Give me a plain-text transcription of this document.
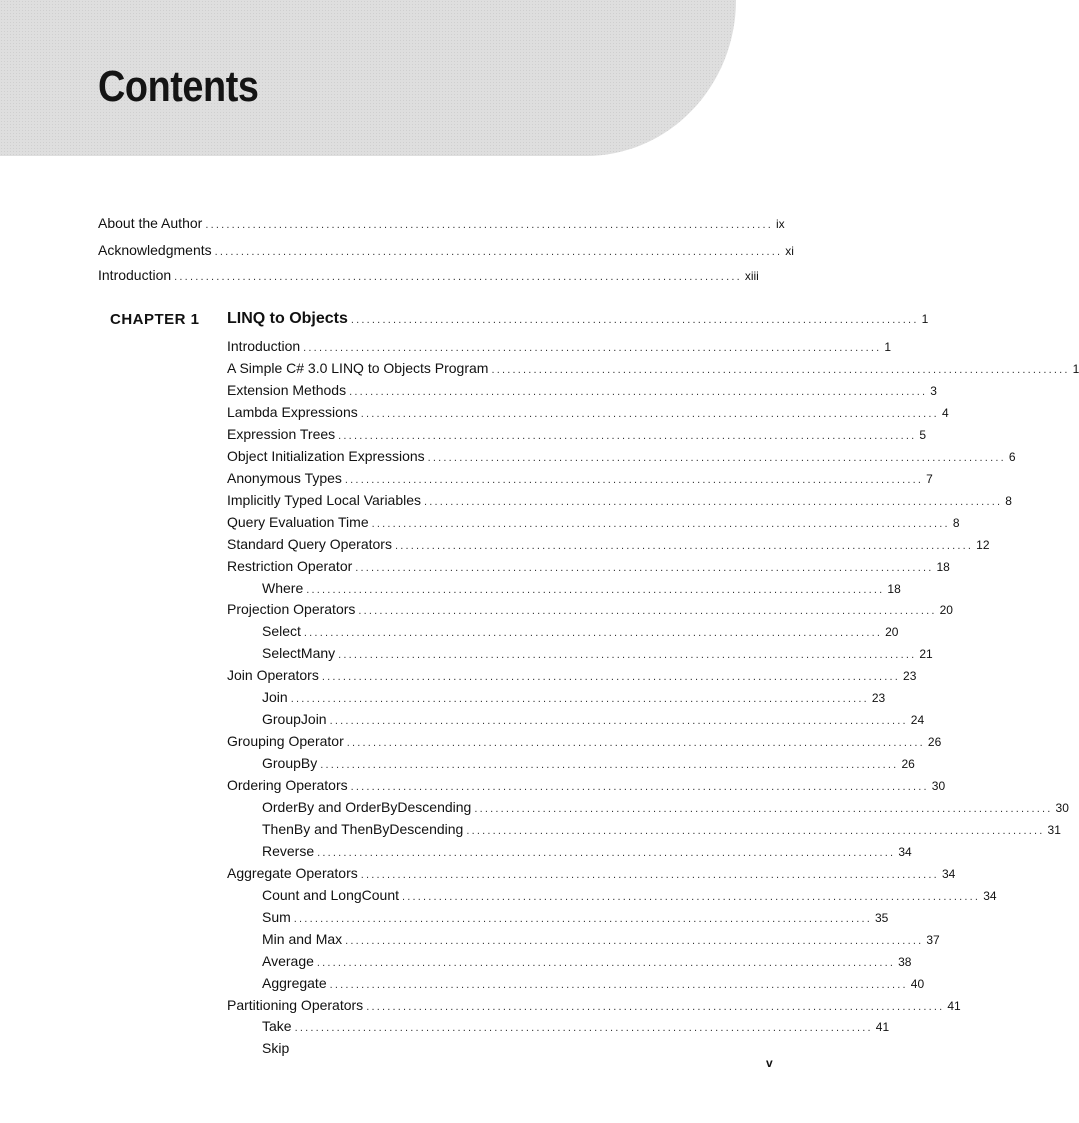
Contents
About the Author ............................................................................................................ ix
Acknowledgments ............................................................................................................ xi
Introduction ............................................................................................................ xiii
CHAPTER 1 LINQ to Objects ............................................................................................................ 1
Introduction .............................................................................................................. 1
A Simple C# 3.0 LINQ to Objects Program .............................................................................................................. 1
Extension Methods .............................................................................................................. 3
Lambda Expressions .............................................................................................................. 4
Expression Trees .............................................................................................................. 5
Object Initialization Expressions .............................................................................................................. 6
Anonymous Types .............................................................................................................. 7
Implicitly Typed Local Variables .............................................................................................................. 8
Query Evaluation Time .............................................................................................................. 8
Standard Query Operators .............................................................................................................. 12
Restriction Operator .............................................................................................................. 18
Where .............................................................................................................. 18
Projection Operators .............................................................................................................. 20
Select .............................................................................................................. 20
SelectMany .............................................................................................................. 21
Join Operators .............................................................................................................. 23
Join .............................................................................................................. 23
GroupJoin .............................................................................................................. 24
Grouping Operator .............................................................................................................. 26
GroupBy .............................................................................................................. 26
Ordering Operators .............................................................................................................. 30
OrderBy and OrderByDescending .............................................................................................................. 30
ThenBy and ThenByDescending .............................................................................................................. 31
Reverse .............................................................................................................. 34
Aggregate Operators .............................................................................................................. 34
Count and LongCount .............................................................................................................. 34
Sum .............................................................................................................. 35
Min and Max .............................................................................................................. 37
Average .............................................................................................................. 38
Aggregate .............................................................................................................. 40
Partitioning Operators .............................................................................................................. 41
Take .............................................................................................................. 41
Skip
v
